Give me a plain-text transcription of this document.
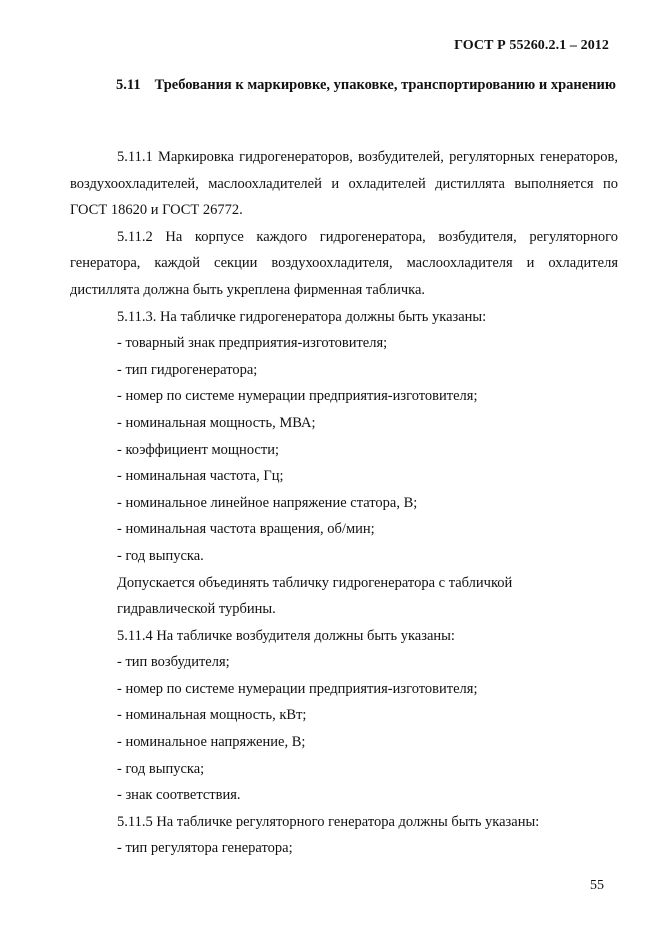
ГОСТ Р 55260.2.1 – 2012
5.11 Требования к маркировке, упаковке, транспортированию и хранению

5.11.1 Маркировка гидрогенераторов, возбудителей, регуляторных генераторов, воздухоохладителей, маслоохладителей и охладителей дистиллята выполняется по ГОСТ 18620 и ГОСТ 26772.

5.11.2 На корпусе каждого гидрогенератора, возбудителя, регуляторного генератора, каждой секции воздухоохладителя, маслоохладителя и охладителя дистиллята должна быть укреплена фирменная табличка.

5.11.3. На табличке гидрогенератора должны быть указаны:

- товарный знак предприятия-изготовителя;

- тип гидрогенератора;

- номер по системе нумерации предприятия-изготовителя;

- номинальная мощность, МВА;

- коэффициент мощности;

- номинальная частота, Гц;

- номинальное линейное напряжение статора, В;

- номинальная частота вращения, об/мин;

- год выпуска.

Допускается объединять табличку гидрогенератора с табличкой

гидравлической турбины.

5.11.4 На табличке возбудителя должны быть указаны:

- тип возбудителя;

- номер по системе нумерации предприятия-изготовителя;

- номинальная мощность, кВт;

- номинальное напряжение, В;

- год выпуска;

- знак соответствия.

5.11.5 На табличке регуляторного генератора должны быть указаны:

- тип регулятора генератора;

55
